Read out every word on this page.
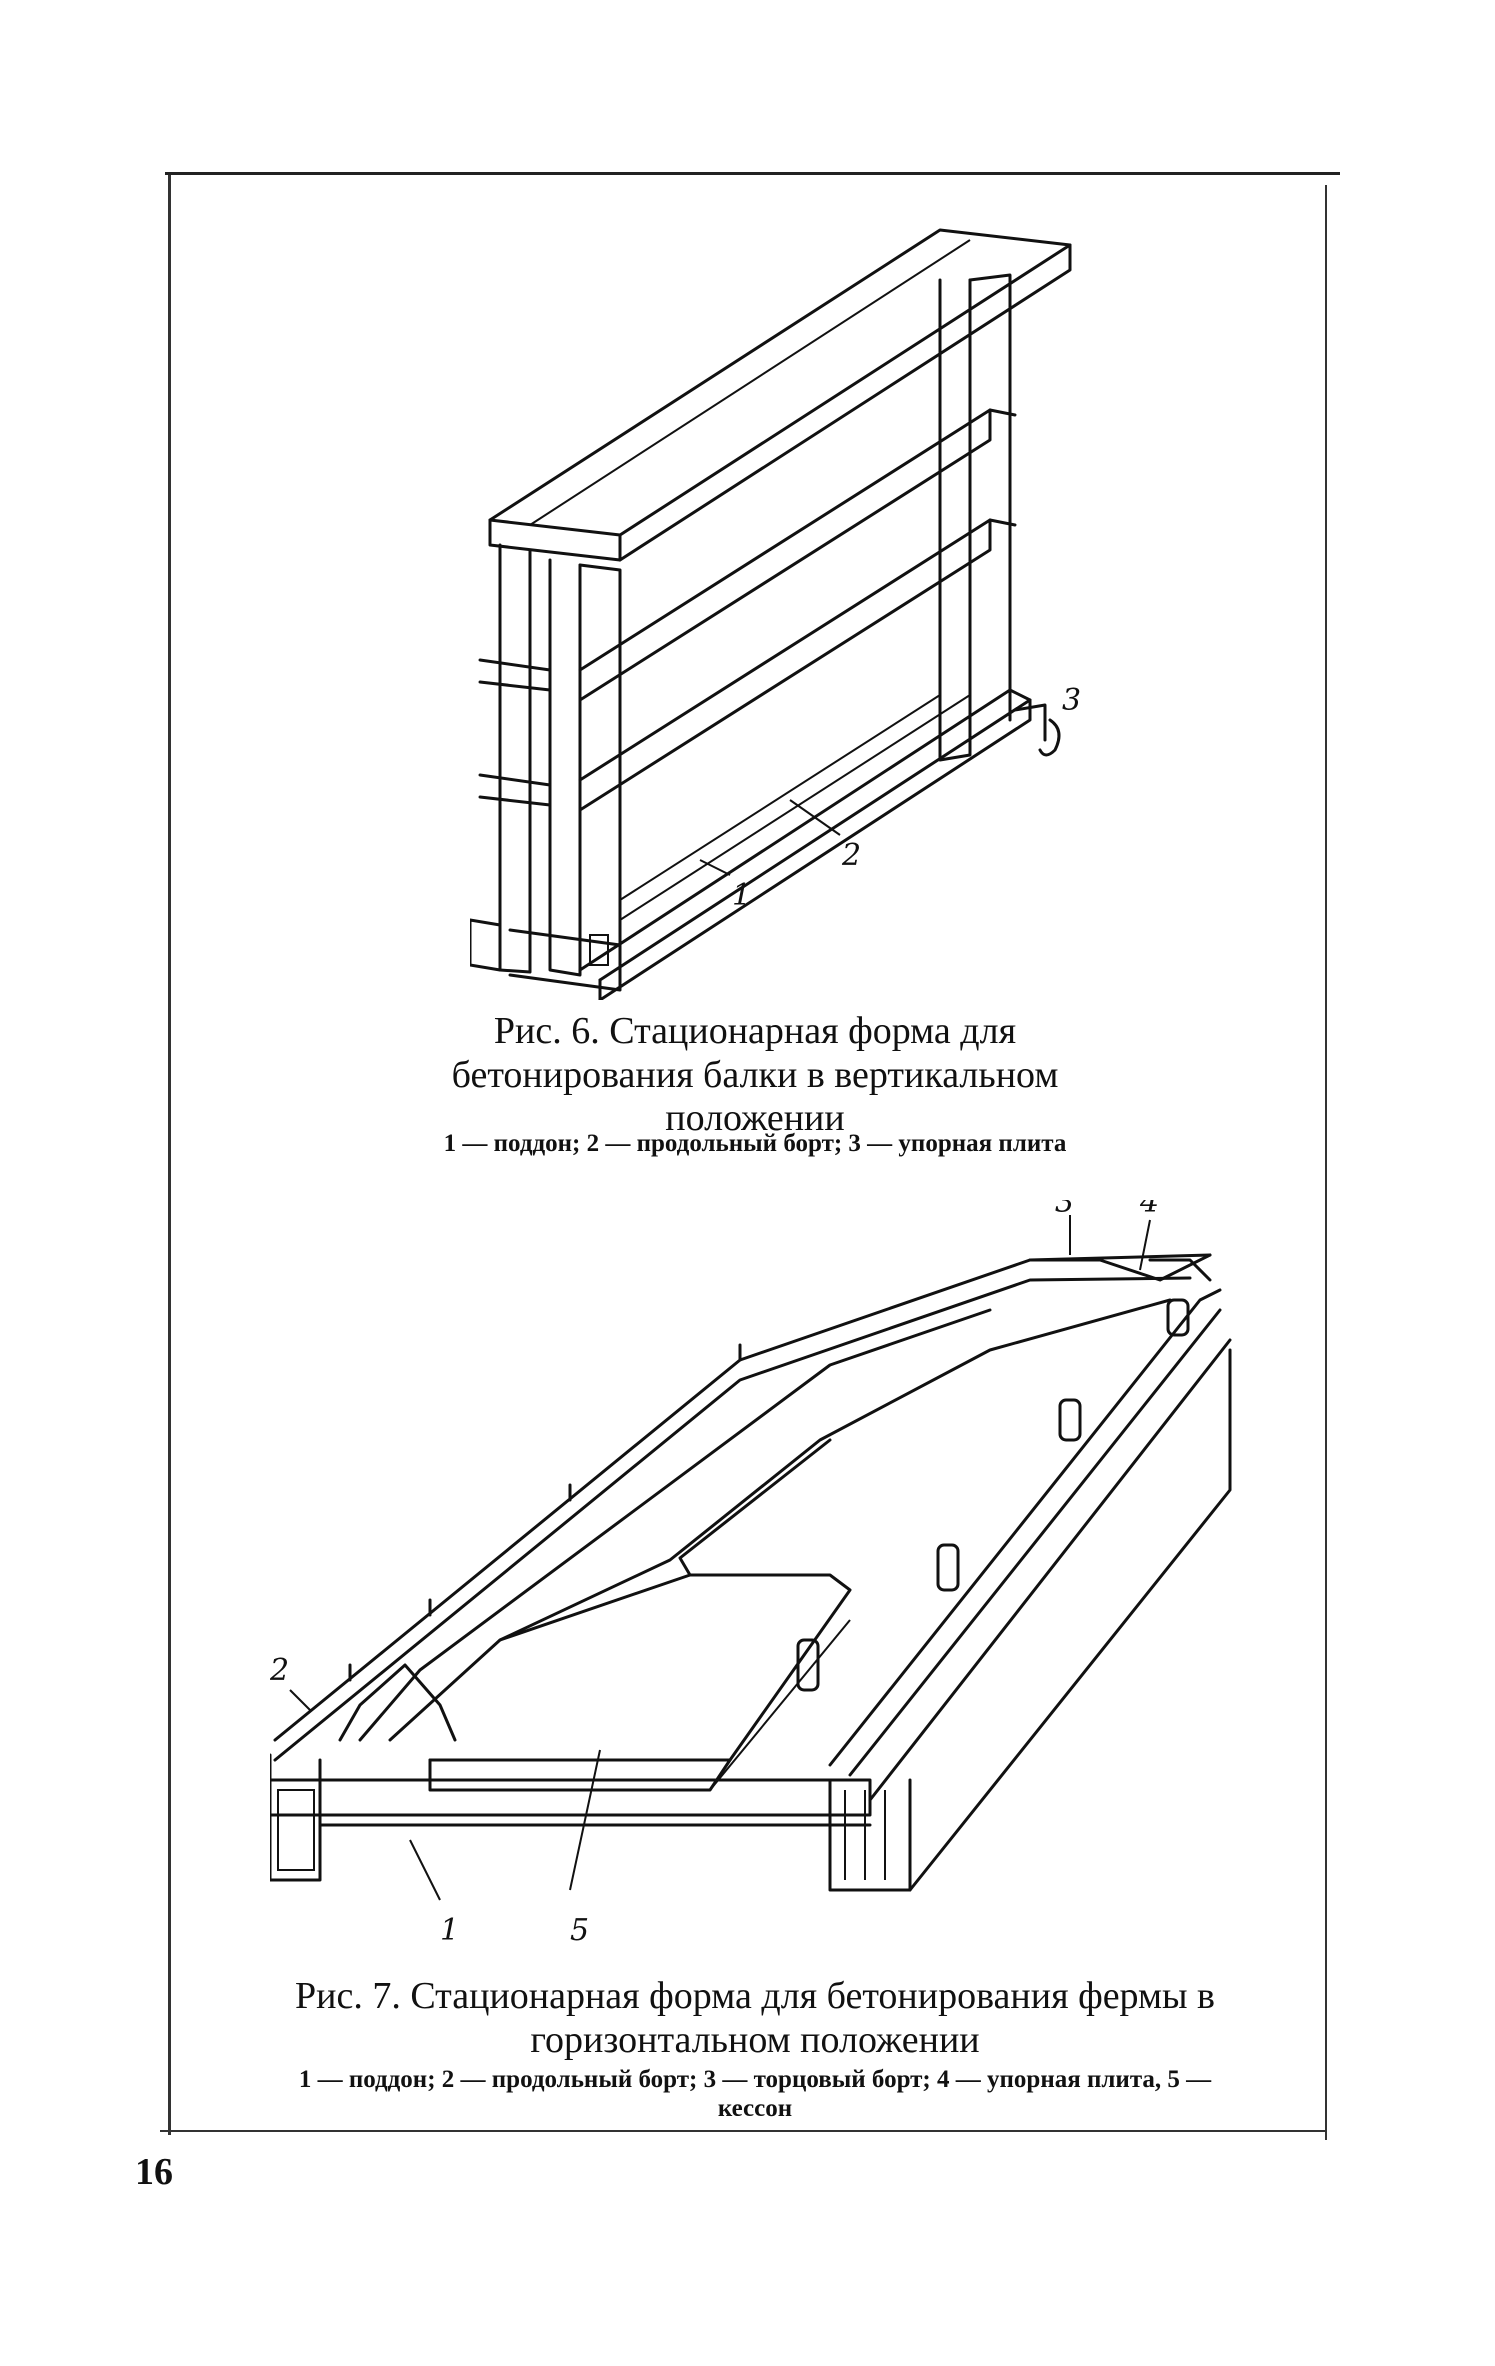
2
1
3
Рис. 6. Стационарная форма для бетонирования балки в вертикальном положении
1 — поддон; 2 — продольный борт; 3 — упорная плита
2
1	5
3 4
Рис. 7. Стационарная форма для бетонирования фермы в горизонтальном положении
1 — поддон; 2 — продольный борт; 3 — торцовый борт; 4 — упорная плита, 5 — кессон
16
